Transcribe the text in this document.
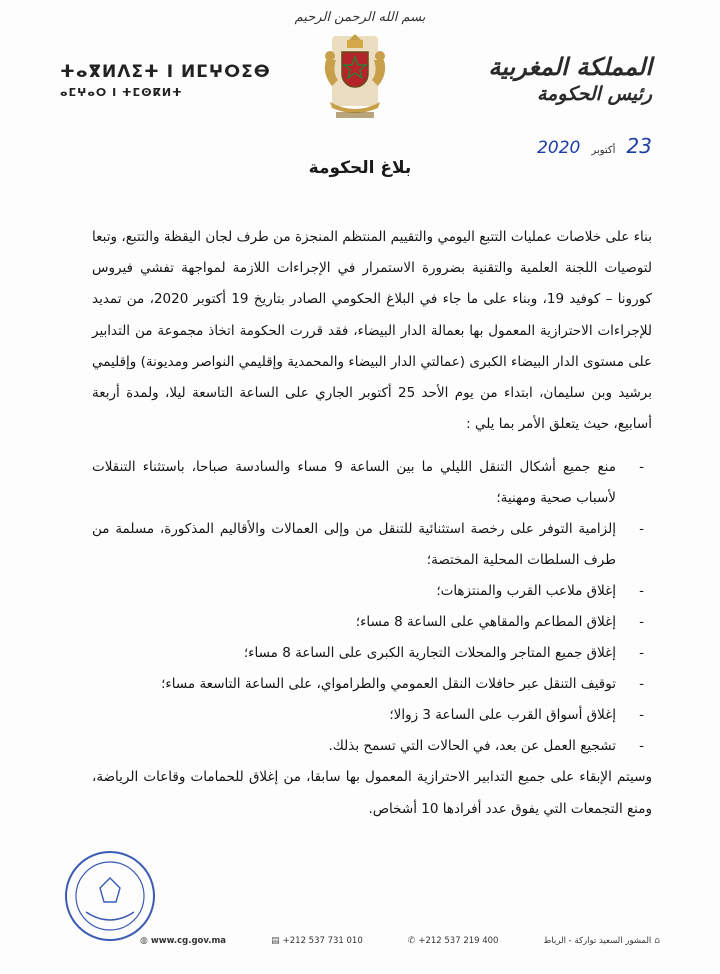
بسم الله الرحمن الرحيم
ⵜⴰⴳⵍⴷⵉⵜ ⵏ ⵍⵎⵖⵔⵉⴱ
ⴰⵎⵖⴰⵔ ⵏ ⵜⵎⵙⴽⵍⵜ
المملكة المغربية
رئيس الحكومة
23 أكتوبر 2020
بلاغ الحكومة

بناء على خلاصات عمليات التتبع اليومي والتقييم المنتظم المنجزة من طرف لجان اليقظة والتتبع، وتبعا لتوصيات اللجنة العلمية والتقنية بضرورة الاستمرار في الإجراءات اللازمة لمواجهة تفشي فيروس كورونا – كوفيد 19، وبناء على ما جاء في البلاغ الحكومي الصادر بتاريخ 19 أكتوبر 2020، من تمديد للإجراءات الاحترازية المعمول بها بعمالة الدار البيضاء، فقد قررت الحكومة اتخاذ مجموعة من التدابير على مستوى الدار البيضاء الكبرى (عمالتي الدار البيضاء والمحمدية وإقليمي النواصر ومديونة) وإقليمي برشيد وبن سليمان، ابتداء من يوم الأحد 25 أكتوبر الجاري على الساعة التاسعة ليلا، ولمدة أربعة أسابيع، حيث يتعلق الأمر بما يلي :

- منع جميع أشكال التنقل الليلي ما بين الساعة 9 مساء والسادسة صباحا، باستثناء التنقلات لأسباب صحية ومهنية؛
- إلزامية التوفر على رخصة استثنائية للتنقل من وإلى العمالات والأقاليم المذكورة، مسلمة من طرف السلطات المحلية المختصة؛
- إغلاق ملاعب القرب والمنتزهات؛
- إغلاق المطاعم والمقاهي على الساعة 8 مساء؛
- إغلاق جميع المتاجر والمحلات التجارية الكبرى على الساعة 8 مساء؛
- توقيف التنقل عبر حافلات النقل العمومي والطرامواي، على الساعة التاسعة مساء؛
- إغلاق أسواق القرب على الساعة 3 زوالا؛
- تشجيع العمل عن بعد، في الحالات التي تسمح بذلك.

وسيتم الإبقاء على جميع التدابير الاحترازية المعمول بها سابقا، من إغلاق للحمامات وقاعات الرياضة، ومنع التجمعات التي يفوق عدد أفرادها 10 أشخاص.

◍ www.cg.gov.ma	▤ +212 537 731 010	✆ +212 537 219 400	⌂
المشور السعيد تواركة - الرباط
